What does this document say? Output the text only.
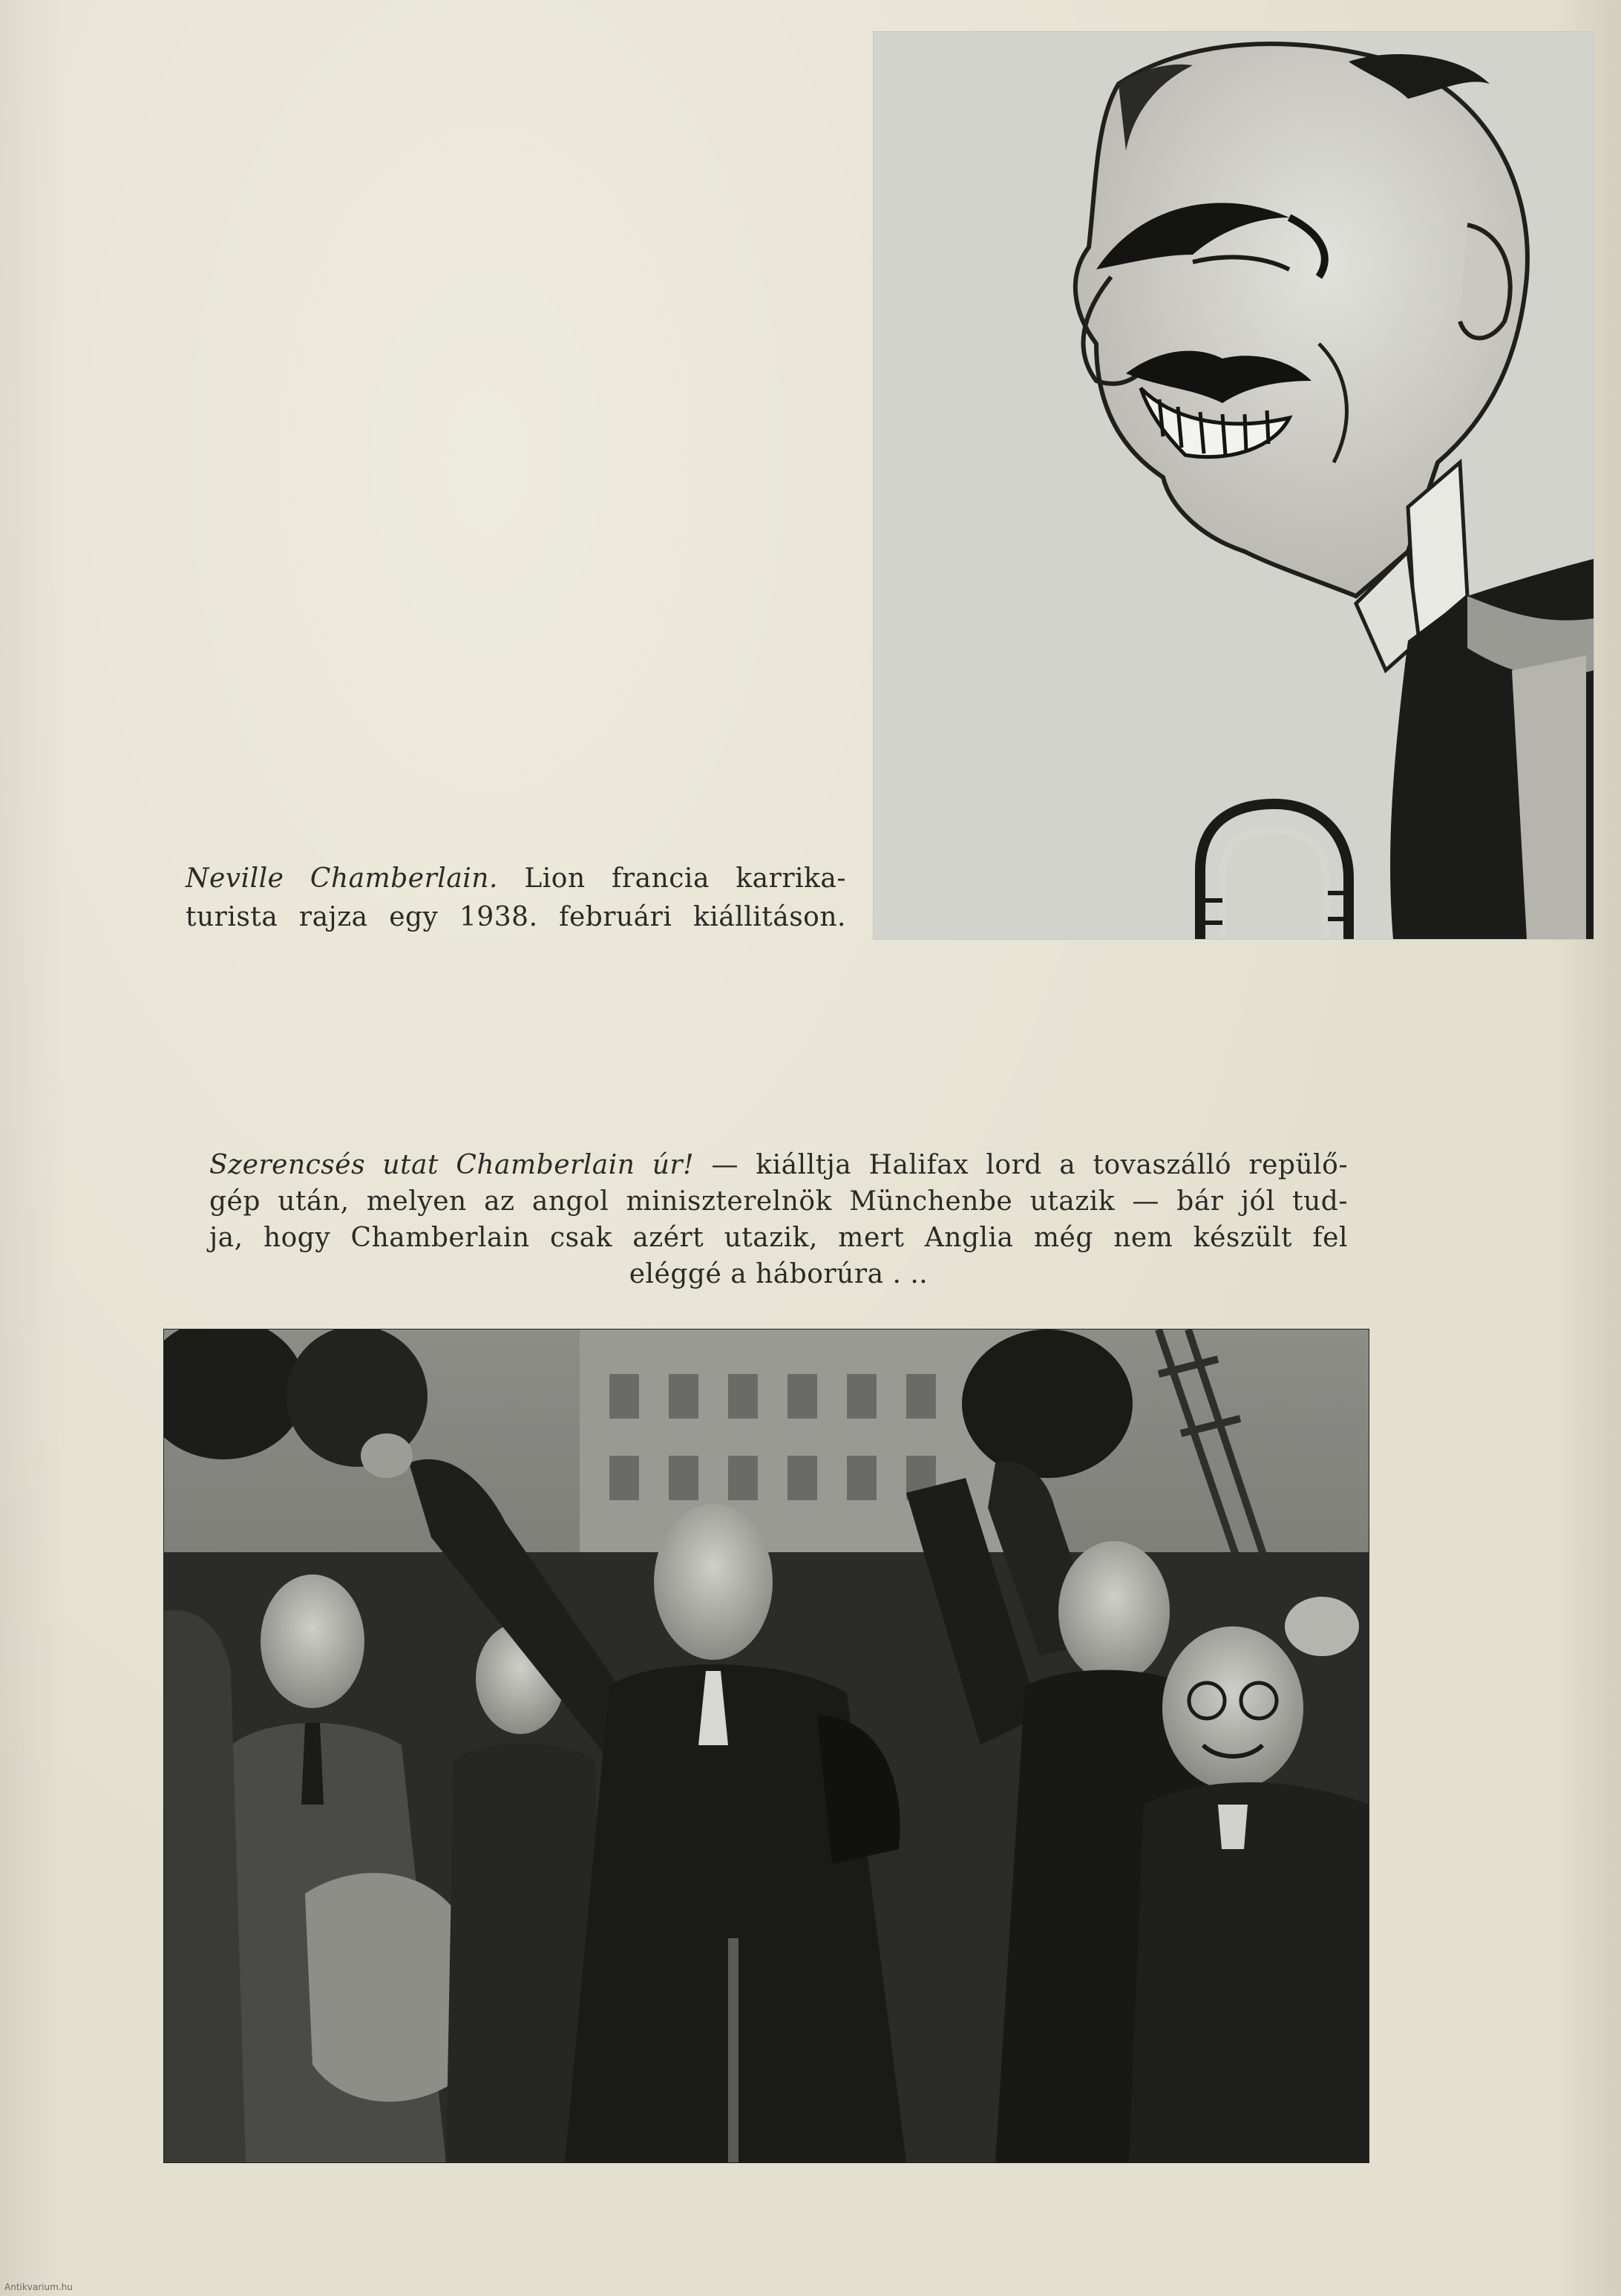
Neville Chamberlain. Lion francia karrika-
turista rajza egy 1938. februári kiállitáson.
Szerencsés utat Chamberlain úr! — kiálltja Halifax lord a tovaszálló repülő-
gép után, melyen az angol miniszterelnök Münchenbe utazik — bár jól tud-
ja, hogy Chamberlain csak azért utazik, mert Anglia még nem készült fel
eléggé a háborúra . ..
Antikvarium.hu
